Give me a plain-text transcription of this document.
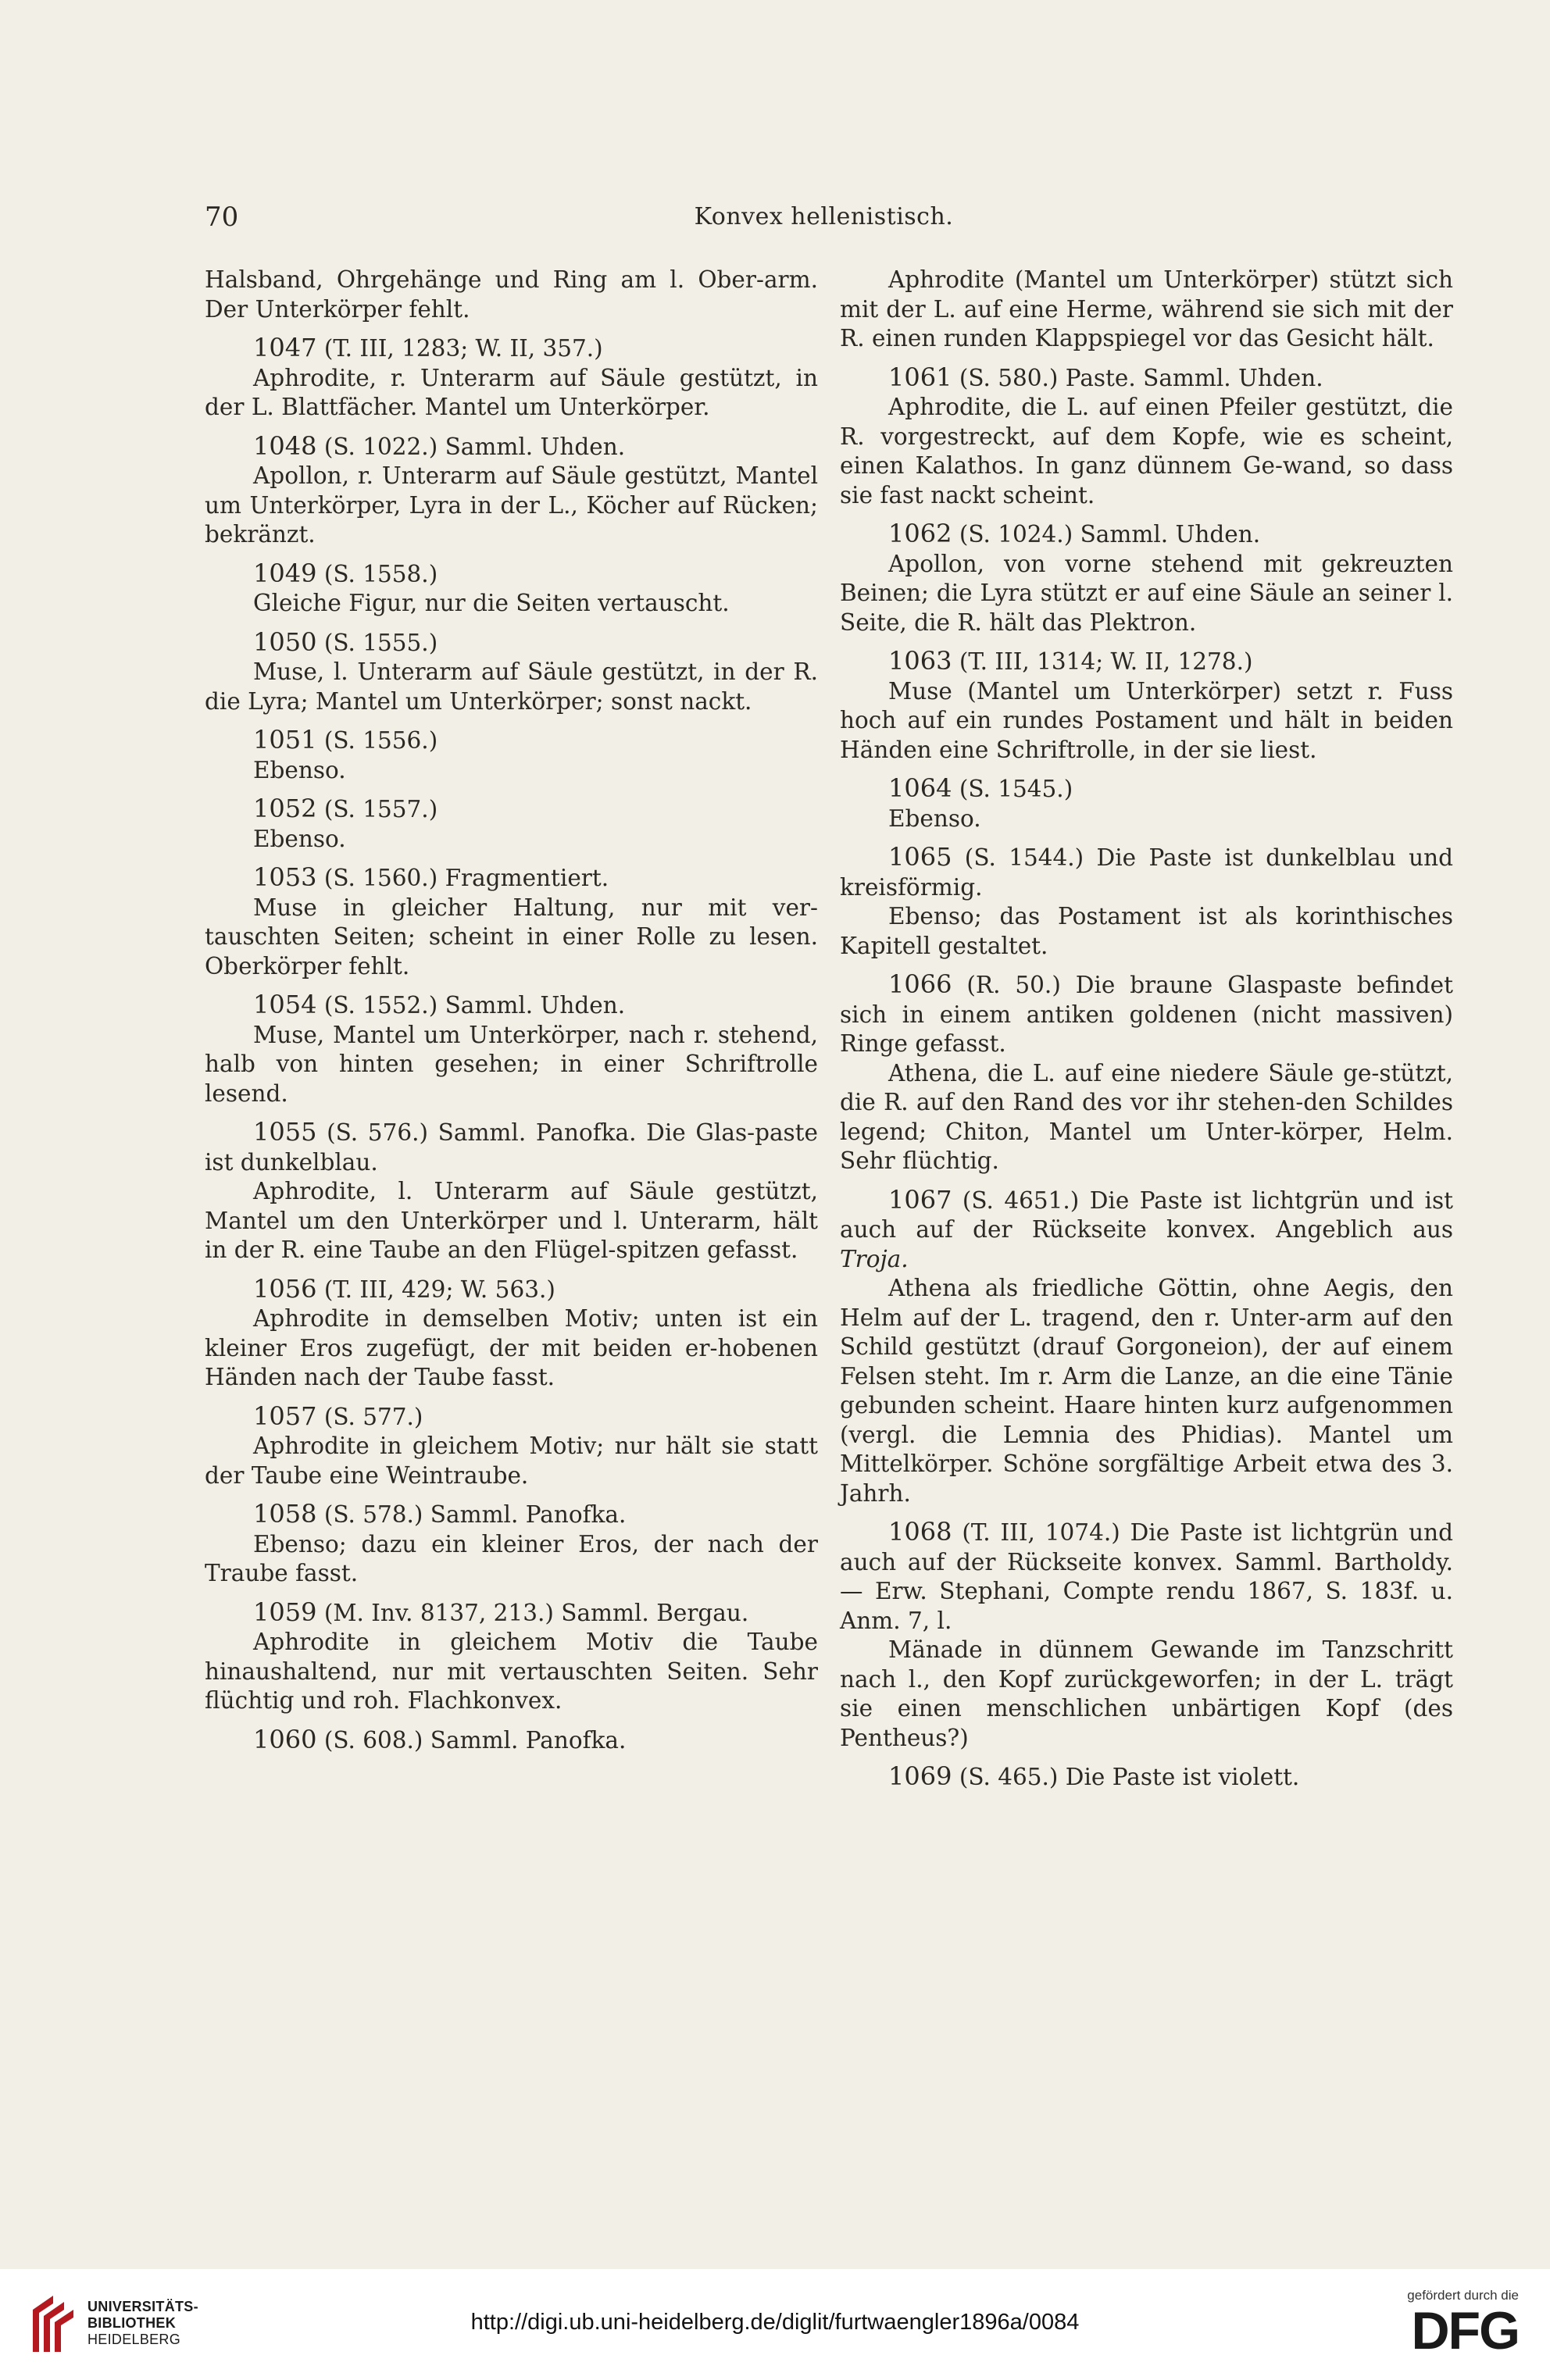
70	Konvex hellenistisch.

Halsband, Ohrgehänge und Ring am l. Ober-arm. Der Unterkörper fehlt.

1047 (T. III, 1283; W. II, 357.)

Aphrodite, r. Unterarm auf Säule gestützt, in der L. Blattfächer. Mantel um Unterkörper.

1048 (S. 1022.) Samml. Uhden.

Apollon, r. Unterarm auf Säule gestützt, Mantel um Unterkörper, Lyra in der L., Köcher auf Rücken; bekränzt.

1049 (S. 1558.)

Gleiche Figur, nur die Seiten vertauscht.

1050 (S. 1555.)

Muse, l. Unterarm auf Säule gestützt, in der R. die Lyra; Mantel um Unterkörper; sonst nackt.

1051 (S. 1556.)

Ebenso.

1052 (S. 1557.)

Ebenso.

1053 (S. 1560.) Fragmentiert.

Muse in gleicher Haltung, nur mit ver-tauschten Seiten; scheint in einer Rolle zu lesen. Oberkörper fehlt.

1054 (S. 1552.) Samml. Uhden.

Muse, Mantel um Unterkörper, nach r. stehend, halb von hinten gesehen; in einer Schriftrolle lesend.

1055 (S. 576.) Samml. Panofka. Die Glas-paste ist dunkelblau.

Aphrodite, l. Unterarm auf Säule gestützt, Mantel um den Unterkörper und l. Unterarm, hält in der R. eine Taube an den Flügel-spitzen gefasst.

1056 (T. III, 429; W. 563.)

Aphrodite in demselben Motiv; unten ist ein kleiner Eros zugefügt, der mit beiden er-hobenen Händen nach der Taube fasst.

1057 (S. 577.)

Aphrodite in gleichem Motiv; nur hält sie statt der Taube eine Weintraube.

1058 (S. 578.) Samml. Panofka.

Ebenso; dazu ein kleiner Eros, der nach der Traube fasst.

1059 (M. Inv. 8137, 213.) Samml. Bergau.

Aphrodite in gleichem Motiv die Taube hinaushaltend, nur mit vertauschten Seiten. Sehr flüchtig und roh. Flachkonvex.

1060 (S. 608.) Samml. Panofka.

Aphrodite (Mantel um Unterkörper) stützt sich mit der L. auf eine Herme, während sie sich mit der R. einen runden Klappspiegel vor das Gesicht hält.

1061 (S. 580.) Paste. Samml. Uhden.

Aphrodite, die L. auf einen Pfeiler gestützt, die R. vorgestreckt, auf dem Kopfe, wie es scheint, einen Kalathos. In ganz dünnem Ge-wand, so dass sie fast nackt scheint.

1062 (S. 1024.) Samml. Uhden.

Apollon, von vorne stehend mit gekreuzten Beinen; die Lyra stützt er auf eine Säule an seiner l. Seite, die R. hält das Plektron.

1063 (T. III, 1314; W. II, 1278.)

Muse (Mantel um Unterkörper) setzt r. Fuss hoch auf ein rundes Postament und hält in beiden Händen eine Schriftrolle, in der sie liest.

1064 (S. 1545.)

Ebenso.

1065 (S. 1544.) Die Paste ist dunkelblau und kreisförmig.

Ebenso; das Postament ist als korinthisches Kapitell gestaltet.

1066 (R. 50.) Die braune Glaspaste befindet sich in einem antiken goldenen (nicht massiven) Ringe gefasst.

Athena, die L. auf eine niedere Säule ge-stützt, die R. auf den Rand des vor ihr stehen-den Schildes legend; Chiton, Mantel um Unter-körper, Helm. Sehr flüchtig.

1067 (S. 4651.) Die Paste ist lichtgrün und ist auch auf der Rückseite konvex. Angeblich aus Troja.

Athena als friedliche Göttin, ohne Aegis, den Helm auf der L. tragend, den r. Unter-arm auf den Schild gestützt (drauf Gorgoneion), der auf einem Felsen steht. Im r. Arm die Lanze, an die eine Tänie gebunden scheint. Haare hinten kurz aufgenommen (vergl. die Lemnia des Phidias). Mantel um Mittelkörper. Schöne sorgfältige Arbeit etwa des 3. Jahrh.

1068 (T. III, 1074.) Die Paste ist lichtgrün und auch auf der Rückseite konvex. Samml. Bartholdy. — Erw. Stephani, Compte rendu 1867, S. 183f. u. Anm. 7, l.

Mänade in dünnem Gewande im Tanzschritt nach l., den Kopf zurückgeworfen; in der L. trägt sie einen menschlichen unbärtigen Kopf (des Pentheus?)

1069 (S. 465.) Die Paste ist violett.

UNIVERSITÄTS-
BIBLIOTHEK
HEIDELBERG
http://digi.ub.uni-heidelberg.de/diglit/furtwaengler1896a/0084
gefördert durch die
DFG
